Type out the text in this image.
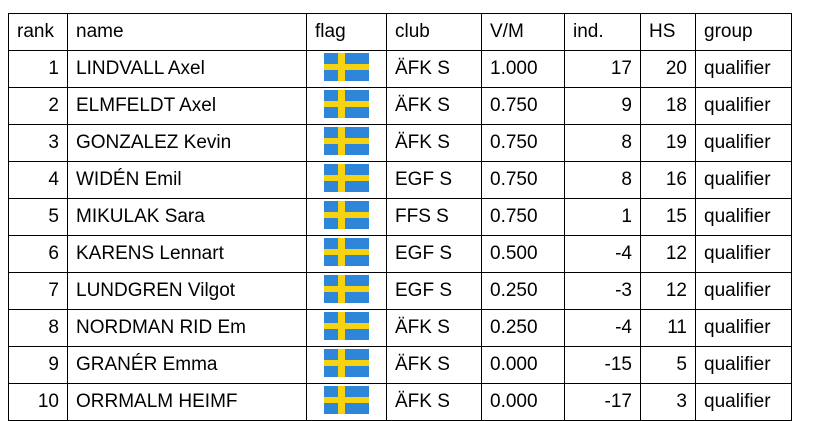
rank	name	flag	club	V/M	ind.	HS	group
1	LINDVALL Axel		ÄFK S	1.000	17	20	qualifier
2	ELMFELDT Axel		ÄFK S	0.750	9	18	qualifier
3	GONZALEZ Kevin		ÄFK S	0.750	8	19	qualifier
4	WIDÉN Emil		EGF S	0.750	8	16	qualifier
5	MIKULAK Sara		FFS S	0.750	1	15	qualifier
6	KARENS Lennart		EGF S	0.500	-4	12	qualifier
7	LUNDGREN Vilgot		EGF S	0.250	-3	12	qualifier
8	NORDMAN RID Em		ÄFK S	0.250	-4	11	qualifier
9	GRANÉR Emma		ÄFK S	0.000	-15	5	qualifier
10	ORRMALM HEIMF		ÄFK S	0.000	-17	3	qualifier
